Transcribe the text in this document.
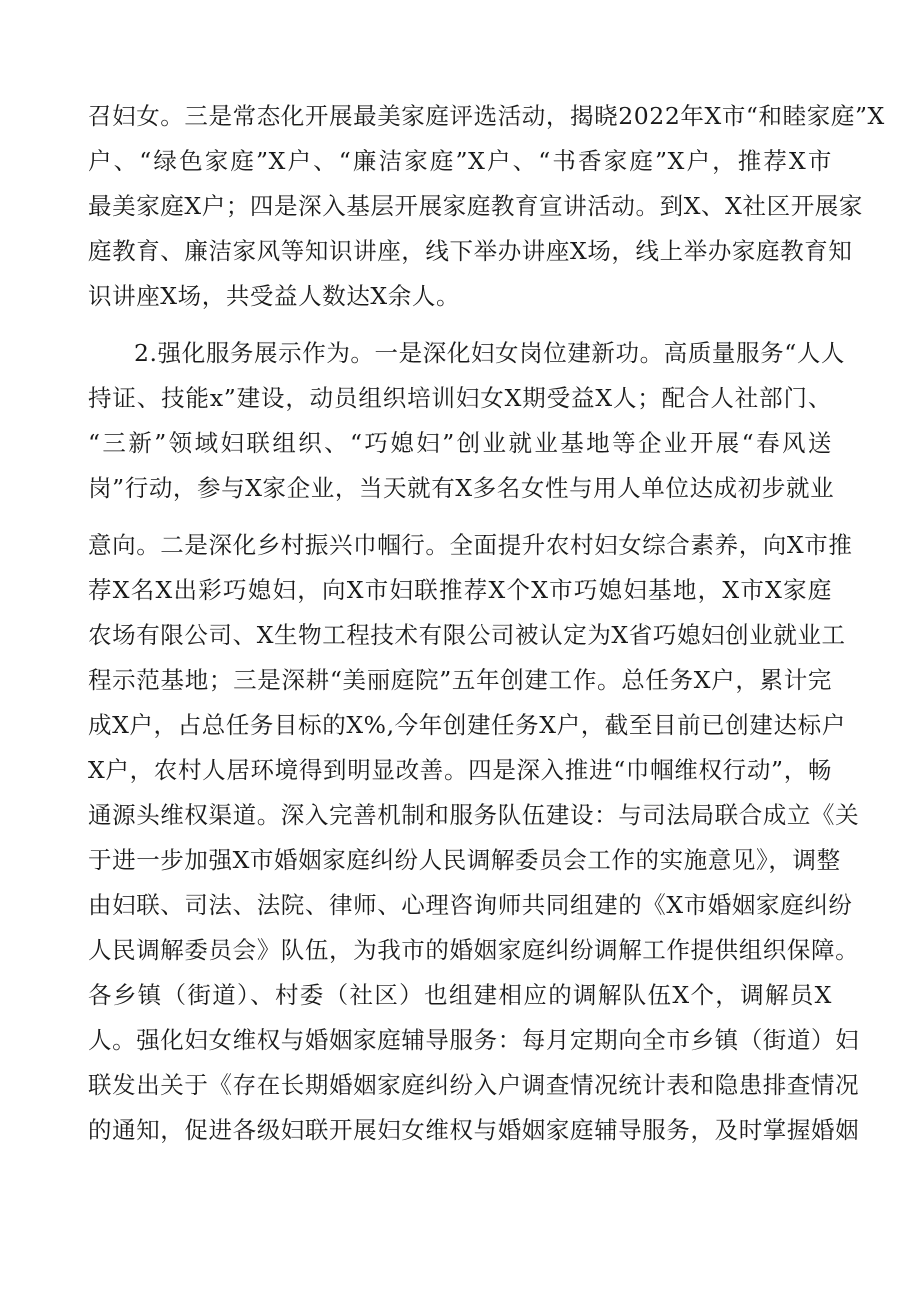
召妇女。三是常态化开展最美家庭评选活动，揭晓2022年X市“和睦家庭”X
户、“绿色家庭”X户、“廉洁家庭”X户、“书香家庭”X户，推荐X市
最美家庭X户；四是深入基层开展家庭教育宣讲活动。到X、X社区开展家
庭教育、廉洁家风等知识讲座，线下举办讲座X场，线上举办家庭教育知
识讲座X场，共受益人数达X余人。
2.强化服务展示作为。一是深化妇女岗位建新功。高质量服务“人人
持证、技能x”建设，动员组织培训妇女X期受益X人；配合人社部门、
“三新”领域妇联组织、“巧媳妇”创业就业基地等企业开展“春风送
岗”行动，参与X家企业，当天就有X多名女性与用人单位达成初步就业
意向。二是深化乡村振兴巾帼行。全面提升农村妇女综合素养，向X市推
荐X名X出彩巧媳妇，向X市妇联推荐X个X市巧媳妇基地，X市X家庭
农场有限公司、X生物工程技术有限公司被认定为X省巧媳妇创业就业工
程示范基地；三是深耕“美丽庭院”五年创建工作。总任务X户，累计完
成X户，占总任务目标的X%,今年创建任务X户，截至目前已创建达标户
X户，农村人居环境得到明显改善。四是深入推进“巾帼维权行动”，畅
通源头维权渠道。深入完善机制和服务队伍建设：与司法局联合成立《关
于进一步加强X市婚姻家庭纠纷人民调解委员会工作的实施意见》，调整
由妇联、司法、法院、律师、心理咨询师共同组建的《X市婚姻家庭纠纷
人民调解委员会》队伍，为我市的婚姻家庭纠纷调解工作提供组织保障。
各乡镇（街道）、村委（社区）也组建相应的调解队伍X个，调解员X
人。强化妇女维权与婚姻家庭辅导服务：每月定期向全市乡镇（街道）妇
联发出关于《存在长期婚姻家庭纠纷入户调查情况统计表和隐患排查情况
的通知，促进各级妇联开展妇女维权与婚姻家庭辅导服务，及时掌握婚姻
